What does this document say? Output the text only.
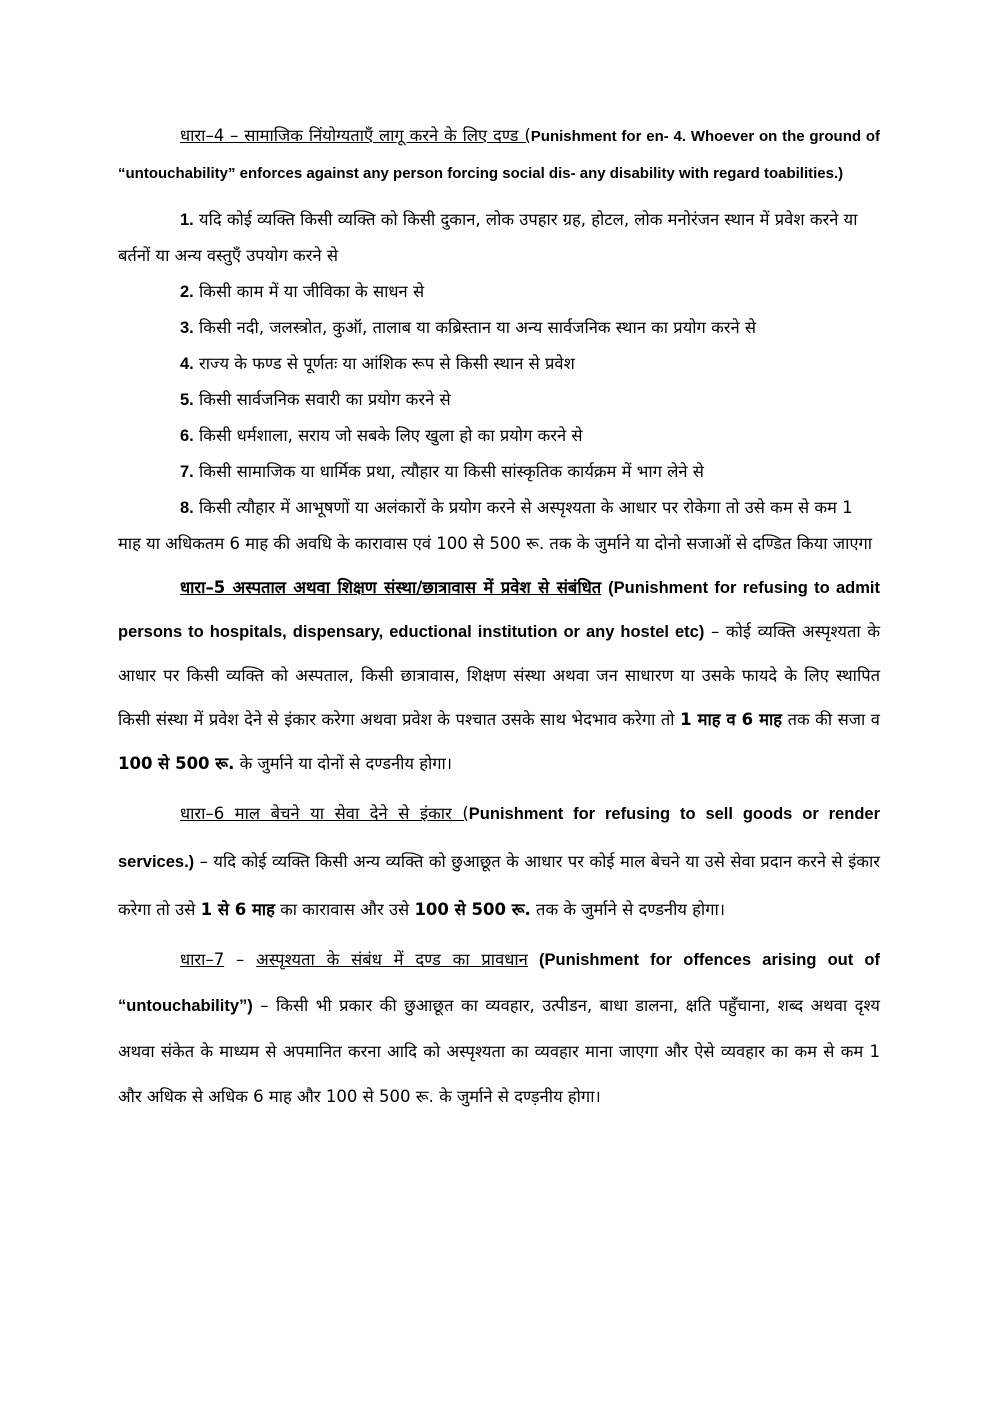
धारा–4 – सामाजिक निंयोग्यताएँ लागू करने के लिए दण्ड (Punishment for en- 4. Whoever on the ground of “untouchability” enforces against any person forcing social dis- any disability with regard toabilities.)

1. यदि कोई व्यक्ति किसी व्यक्ति को किसी दुकान, लोक उपहार ग्रह, होटल, लोक मनोरंजन स्थान में प्रवेश करने या बर्तनों या अन्य वस्तुएँ उपयोग करने से

2. किसी काम में या जीविका के साधन से

3. किसी नदी, जलस्त्रोत, कुऑ, तालाब या कब्रिस्तान या अन्य सार्वजनिक स्थान का प्रयोग करने से

4. राज्य के फण्ड से पूर्णतः या आंशिक रूप से किसी स्थान से प्रवेश

5. किसी सार्वजनिक सवारी का प्रयोग करने से

6. किसी धर्मशाला, सराय जो सबके लिए खुला हो का प्रयोग करने से

7. किसी सामाजिक या धार्मिक प्रथा, त्यौहार या किसी सांस्कृतिक कार्यक्रम में भाग लेने से

8. किसी त्यौहार में आभूषणों या अलंकारों के प्रयोग करने से अस्पृश्यता के आधार पर रोकेगा तो उसे कम से कम 1 माह या अधिकतम 6 माह की अवधि के कारावास एवं 100 से 500 रू. तक के जुर्माने या दोनो सजाओं से दण्डित किया जाएगा

धारा–5 अस्पताल अथवा शिक्षण संस्था/छात्रावास में प्रवेश से संबंधित (Punishment for refusing to admit persons to hospitals, dispensary, eductional institution or any hostel etc) – कोई व्यक्ति अस्पृश्यता के आधार पर किसी व्यक्ति को अस्पताल, किसी छात्रावास, शिक्षण संस्था अथवा जन साधारण या उसके फायदे के लिए स्थापित किसी संस्था में प्रवेश देने से इंकार करेगा अथवा प्रवेश के पश्चात उसके साथ भेदभाव करेगा तो 1 माह व 6 माह तक की सजा व 100 से 500 रू. के जुर्माने या दोनों से दण्डनीय होगा।

धारा–6 माल बेचने या सेवा देने से इंकार (Punishment for refusing to sell goods or render services.) – यदि कोई व्यक्ति किसी अन्य व्यक्ति को छुआछूत के आधार पर कोई माल बेचने या उसे सेवा प्रदान करने से इंकार करेगा तो उसे 1 से 6 माह का कारावास और उसे 100 से 500 रू. तक के जुर्माने से दण्डनीय होगा।

धारा–7 – अस्पृश्यता के संबंध में दण्ड का प्रावधान (Punishment for offences arising out of “untouchability”) – किसी भी प्रकार की छुआछूत का व्यवहार, उत्पीडन, बाधा डालना, क्षति पहुँचाना, शब्द अथवा दृश्य अथवा संकेत के माध्यम से अपमानित करना आदि को अस्पृश्यता का व्यवहार माना जाएगा और ऐसे व्यवहार का कम से कम 1 और अधिक से अधिक 6 माह और 100 से 500 रू. के जुर्माने से दण्ड़नीय होगा।
